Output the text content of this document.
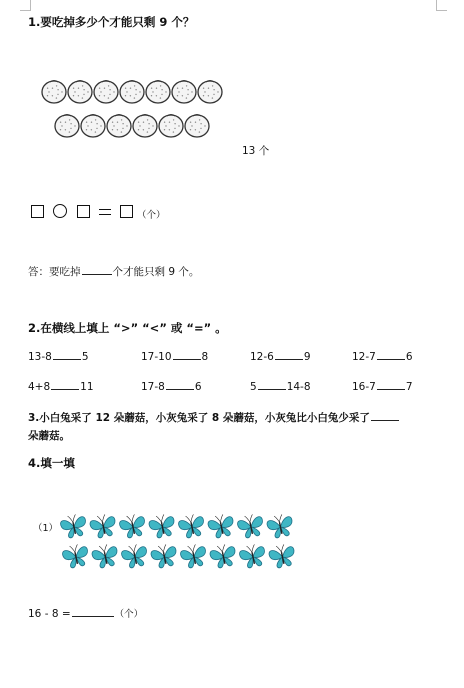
1.要吃掉多少个才能只剩 9 个？
13 个
（个）
答：要吃掉	个才能只剩 9 个。
2.在横线上填上 “>” “<” 或 “=” 。
13-8	5	17-10	8	12-6	9	12-7	6
4+8	11	17-8	6	5	14-8	16-7	7
3.小白兔采了 12 朵蘑菇，小灰兔采了 8 朵蘑菇，小灰兔比小白兔少采了
朵蘑菇。
4.填一填
（1）
16 - 8 =	（个）
